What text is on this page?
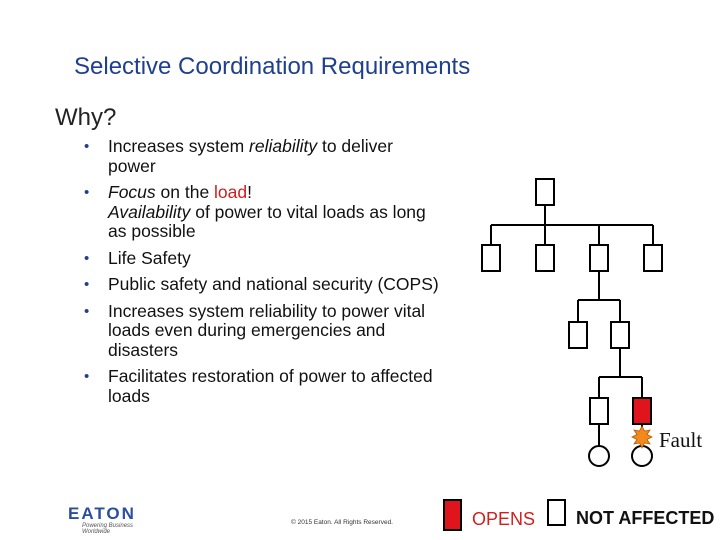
Selective Coordination Requirements
Why?
• Increases system reliability to deliver power
• Focus on the load!
Availability of power to vital loads as long as possible
• Life Safety
• Public safety and national security (COPS)
• Increases system reliability to power vital loads even during emergencies and disasters
• Facilitates restoration of power to affected loads
Fault
OPENS NOT AFFECTED
EATON
Powering Business Worldwide
© 2015 Eaton. All Rights Reserved.
